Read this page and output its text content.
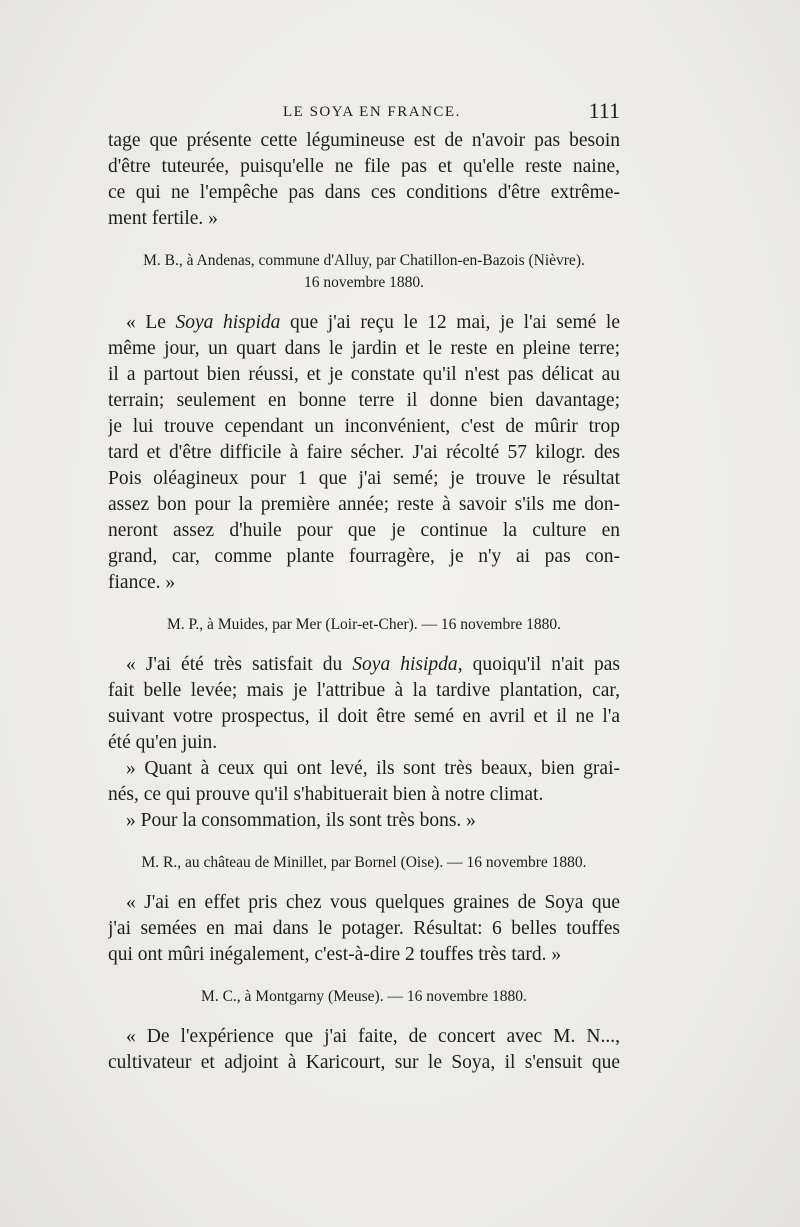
LE SOYA EN FRANCE.	111
tage que présente cette légumineuse est de n'avoir pas besoin
d'être tuteurée, puisqu'elle ne file pas et qu'elle reste naine,
ce qui ne l'empêche pas dans ces conditions d'être extrême-
ment fertile. »
M. B., à Andenas, commune d'Alluy, par Chatillon-en-Bazois (Nièvre).
16 novembre 1880.
« Le Soya hispida que j'ai reçu le 12 mai, je l'ai semé le
même jour, un quart dans le jardin et le reste en pleine terre;
il a partout bien réussi, et je constate qu'il n'est pas délicat au
terrain; seulement en bonne terre il donne bien davantage;
je lui trouve cependant un inconvénient, c'est de mûrir trop
tard et d'être difficile à faire sécher. J'ai récolté 57 kilogr. des
Pois oléagineux pour 1 que j'ai semé; je trouve le résultat
assez bon pour la première année; reste à savoir s'ils me don-
neront assez d'huile pour que je continue la culture en
grand, car, comme plante fourragère, je n'y ai pas con-
fiance. »
M. P., à Muides, par Mer (Loir-et-Cher). — 16 novembre 1880.
« J'ai été très satisfait du Soya hisipda, quoiqu'il n'ait pas
fait belle levée; mais je l'attribue à la tardive plantation, car,
suivant votre prospectus, il doit être semé en avril et il ne l'a
été qu'en juin.
» Quant à ceux qui ont levé, ils sont très beaux, bien grai-
nés, ce qui prouve qu'il s'habituerait bien à notre climat.
» Pour la consommation, ils sont très bons. »
M. R., au château de Minillet, par Bornel (Oise). — 16 novembre 1880.
« J'ai en effet pris chez vous quelques graines de Soya que
j'ai semées en mai dans le potager. Résultat: 6 belles touffes
qui ont mûri inégalement, c'est-à-dire 2 touffes très tard. »
M. C., à Montgarny (Meuse). — 16 novembre 1880.
« De l'expérience que j'ai faite, de concert avec M. N...,
cultivateur et adjoint à Karicourt, sur le Soya, il s'ensuit que
